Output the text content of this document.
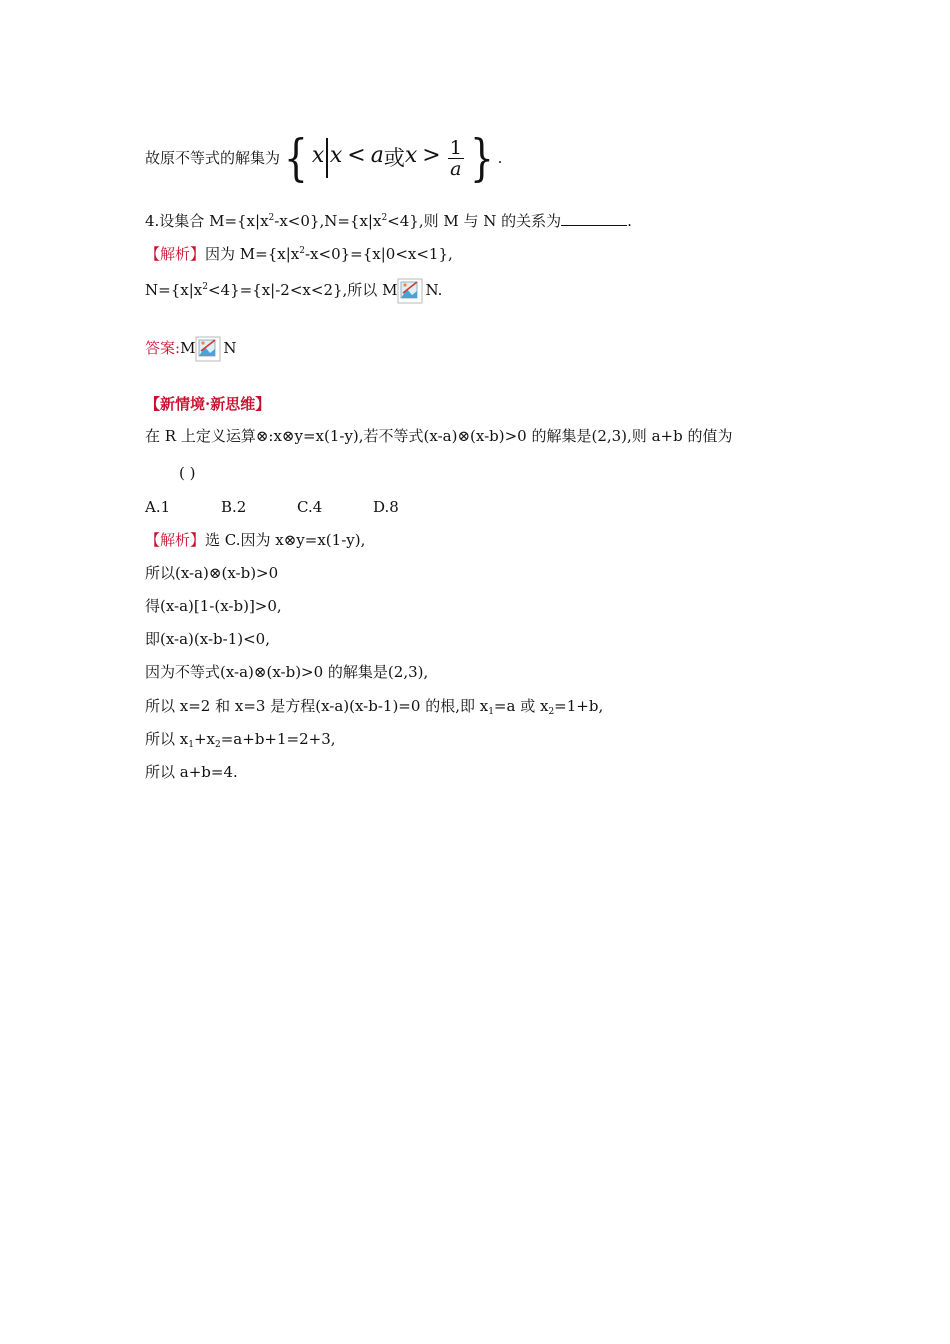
故原不等式的解集为{ x x < a或$x > \frac{1}{a}$ } .
4.设集合 $M=\{x|x^2-x<0\},N=\{x|x^2<4\}$,则 M 与 N 的关系为	.
【解析】因为 $M=\{x|x^2-x<0\}=\{x|0<x<1\}$,
$N=\{x|x^2<4\}=\{x|-2<x<2\}$,所以 M N.
答案:M N
【新情境·新思维】
在 R 上定义运算⊗:x⊗y=x(1-y),若不等式(x-a)⊗(x-b)>0 的解集是(2,3),则 a+b 的值为
( )
A.1	B.2	C.4	D.8
【解析】选 C.因为 x⊗y=x(1-y),
所以(x-a)⊗(x-b)>0
得(x-a)[1-(x-b)]>0,
即(x-a)(x-b-1)<0,
因为不等式(x-a)⊗(x-b)>0 的解集是(2,3),
所以 x=2 和 x=3 是方程(x-a)(x-b-1)=0 的根,即 $x_1=a$ 或 $x_2=1+b$,
所以 $x_1+x_2=a+b+1=2+3$,
所以 a+b=4.
